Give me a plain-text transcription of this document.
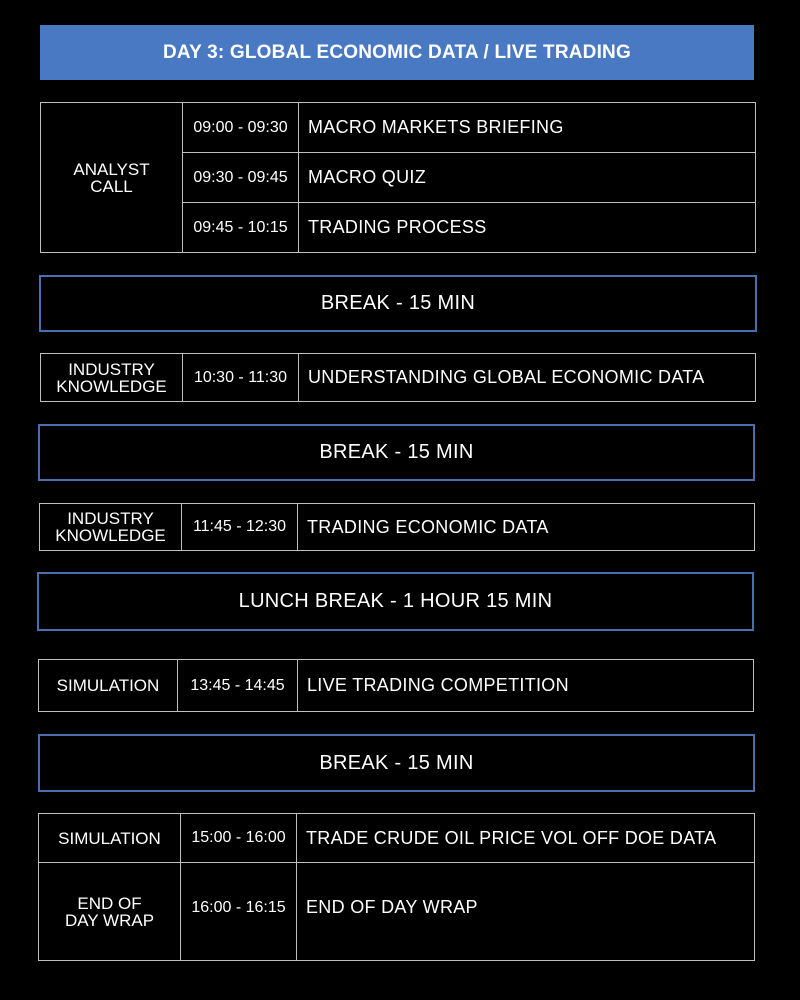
DAY 3: GLOBAL ECONOMIC DATA / LIVE TRADING
ANALYST
CALL
09:00 - 09:30	MACRO MARKETS BRIEFING
09:30 - 09:45	MACRO QUIZ
09:45 - 10:15	TRADING PROCESS
BREAK - 15 MIN
INDUSTRY
KNOWLEDGE	10:30 - 11:30	UNDERSTANDING GLOBAL ECONOMIC DATA
BREAK - 15 MIN
INDUSTRY
KNOWLEDGE	11:45 - 12:30	TRADING ECONOMIC DATA
LUNCH BREAK - 1 HOUR 15 MIN
SIMULATION	13:45 - 14:45	LIVE TRADING COMPETITION
BREAK - 15 MIN
SIMULATION	15:00 - 16:00	TRADE CRUDE OIL PRICE VOL OFF DOE DATA
END OF
DAY WRAP
16:00 - 16:15	END OF DAY WRAP
